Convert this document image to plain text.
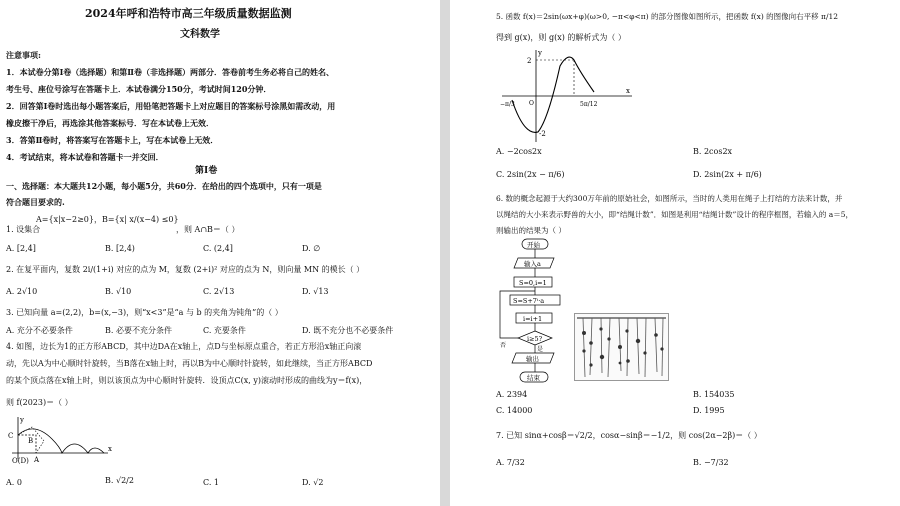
2024年呼和浩特市高三年级质量数据监测
文科数学
注意事项:
1．本试卷分第Ⅰ卷（选择题）和第Ⅱ卷（非选择题）两部分．答卷前考生务必将自己的姓名、
考生号、座位号涂写在答题卡上．本试卷满分150分，考试时间120分钟．
2．回答第Ⅰ卷时选出每小题答案后，用铅笔把答题卡上对应题目的答案标号涂黑如需改动，用
橡皮擦干净后，再选涂其他答案标号．写在本试卷上无效．
3．答第Ⅱ卷时，将答案写在答题卡上，写在本试卷上无效．
4．考试结束，将本试卷和答题卡一并交回．
第Ⅰ卷
一、选择题：本大题共12小题，每小题5分，共60分．在给出的四个选项中，只有一项是
符合题目要求的.
A={x|x−2≥0}，B={x| x/(x−4) ≤0}
1. 设集合	，则 A∩B＝（ ）
A. [2,4]	B. [2,4)	C. (2,4]	D. ∅
2. 在复平面内，复数 2i/(1+i) 对应的点为 M，复数 (2+i)² 对应的点为 N，则向量 MN 的模长（ ）
A. 2√10	B. √10	C. 2√13	D. √13
3. 已知向量 a=(2,2)，b=(x,−3)，则“x<3”是“a 与 b 的夹角为钝角”的（ ）
A. 充分不必要条件	B. 必要不充分条件	C. 充要条件	D. 既不充分也不必要条件
4. 如图，边长为1的正方形ABCD，其中边DA在x轴上，点D与坐标原点重合，若正方形沿x轴正向滚
动，先以A为中心顺时针旋转，当B落在x轴上时，再以B为中心顺时针旋转，如此继续，当正方形ABCD
的某个顶点落在x轴上时，则以该顶点为中心顺时针旋转．设顶点C(x, y)滚动时形成的曲线为y＝f(x)，
则 f(2023)＝（ ）
y
x
C
B
A
O(D)
A. 0	B. √2/2	C. 1	D. √2
5. 函数 f(x)＝2sin(ωx+φ)(ω>0, −π<φ<π) 的部分图像如图所示，把函数 f(x) 的图像向右平移 π/12
得到 g(x)，则 g(x) 的解析式为（ ）
y
x
2
-2
O
−π/3	5π/12
A. −2cos2x	B. 2cos2x
C. 2sin(2x − π/6)	D. 2sin(2x + π/6)
6. 数的概念起源于大约300万年前的原始社会，如图所示，当时的人类用在绳子上打结的方法来计数，并
以绳结的大小来表示野兽的大小，即“结绳计数”．如图是利用“结绳计数”设计的程序框图，若输入的 a＝5，
则输出的结果为（ ）
开始
输入a
S=0,i=1
S=S+7ⁱ·a
i=i+1
i≥5?
是
否
输出
结束
A. 2394	B. 154035
C. 14000	D. 1995
7. 已知 sinα+cosβ＝√2/2，cosα−sinβ＝−1/2，则 cos(2α−2β)＝（ ）
A. 7/32	B. −7/32
